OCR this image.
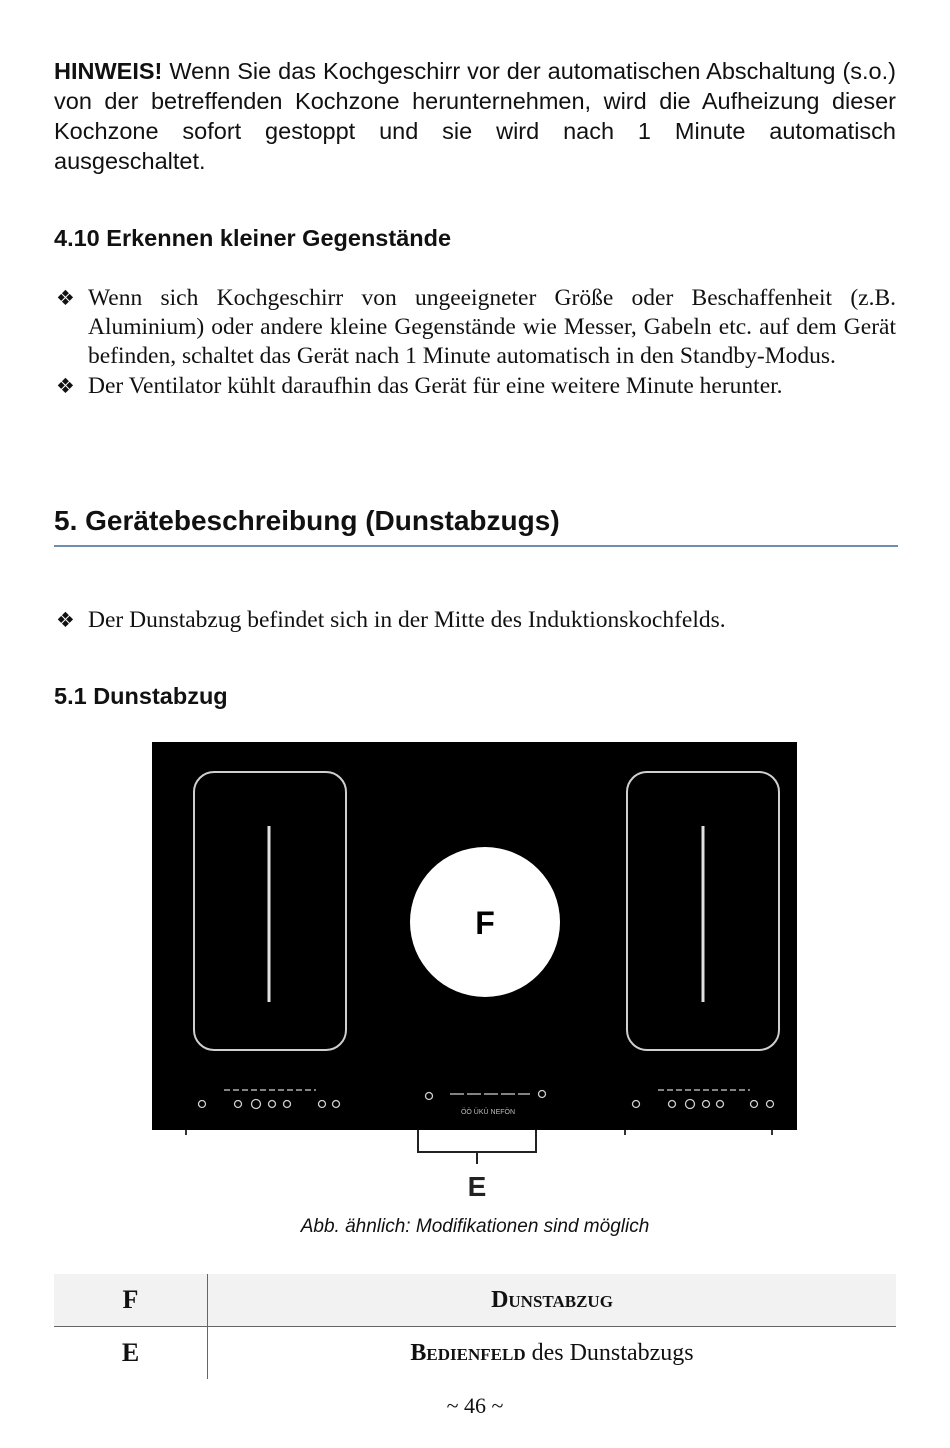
HINWEIS! Wenn Sie das Kochgeschirr vor der automatischen Abschaltung (s.o.) von der betreffenden Kochzone herunternehmen, wird die Aufheizung dieser Kochzone sofort gestoppt und sie wird nach 1 Minute automatisch ausgeschaltet.

4.10 Erkennen kleiner Gegenstände
❖ Wenn sich Kochgeschirr von ungeeigneter Größe oder Beschaffenheit (z.B. Aluminium) oder andere kleine Gegenstände wie Messer, Gabeln etc. auf dem Gerät befinden, schaltet das Gerät nach 1 Minute automatisch in den Standby-Modus.
❖ Der Ventilator kühlt daraufhin das Gerät für eine weitere Minute herunter.
5. Gerätebeschreibung (Dunstabzugs)
❖ Der Dunstabzug befindet sich in der Mitte des Induktionskochfelds.
5.1 Dunstabzug
F
ÖÖ ÜKÜ NEFÖN
E
Abb. ähnlich: Modifikationen sind möglich
F	Dunstabzug
E	Bedienfeld des Dunstabzugs
~ 46 ~
